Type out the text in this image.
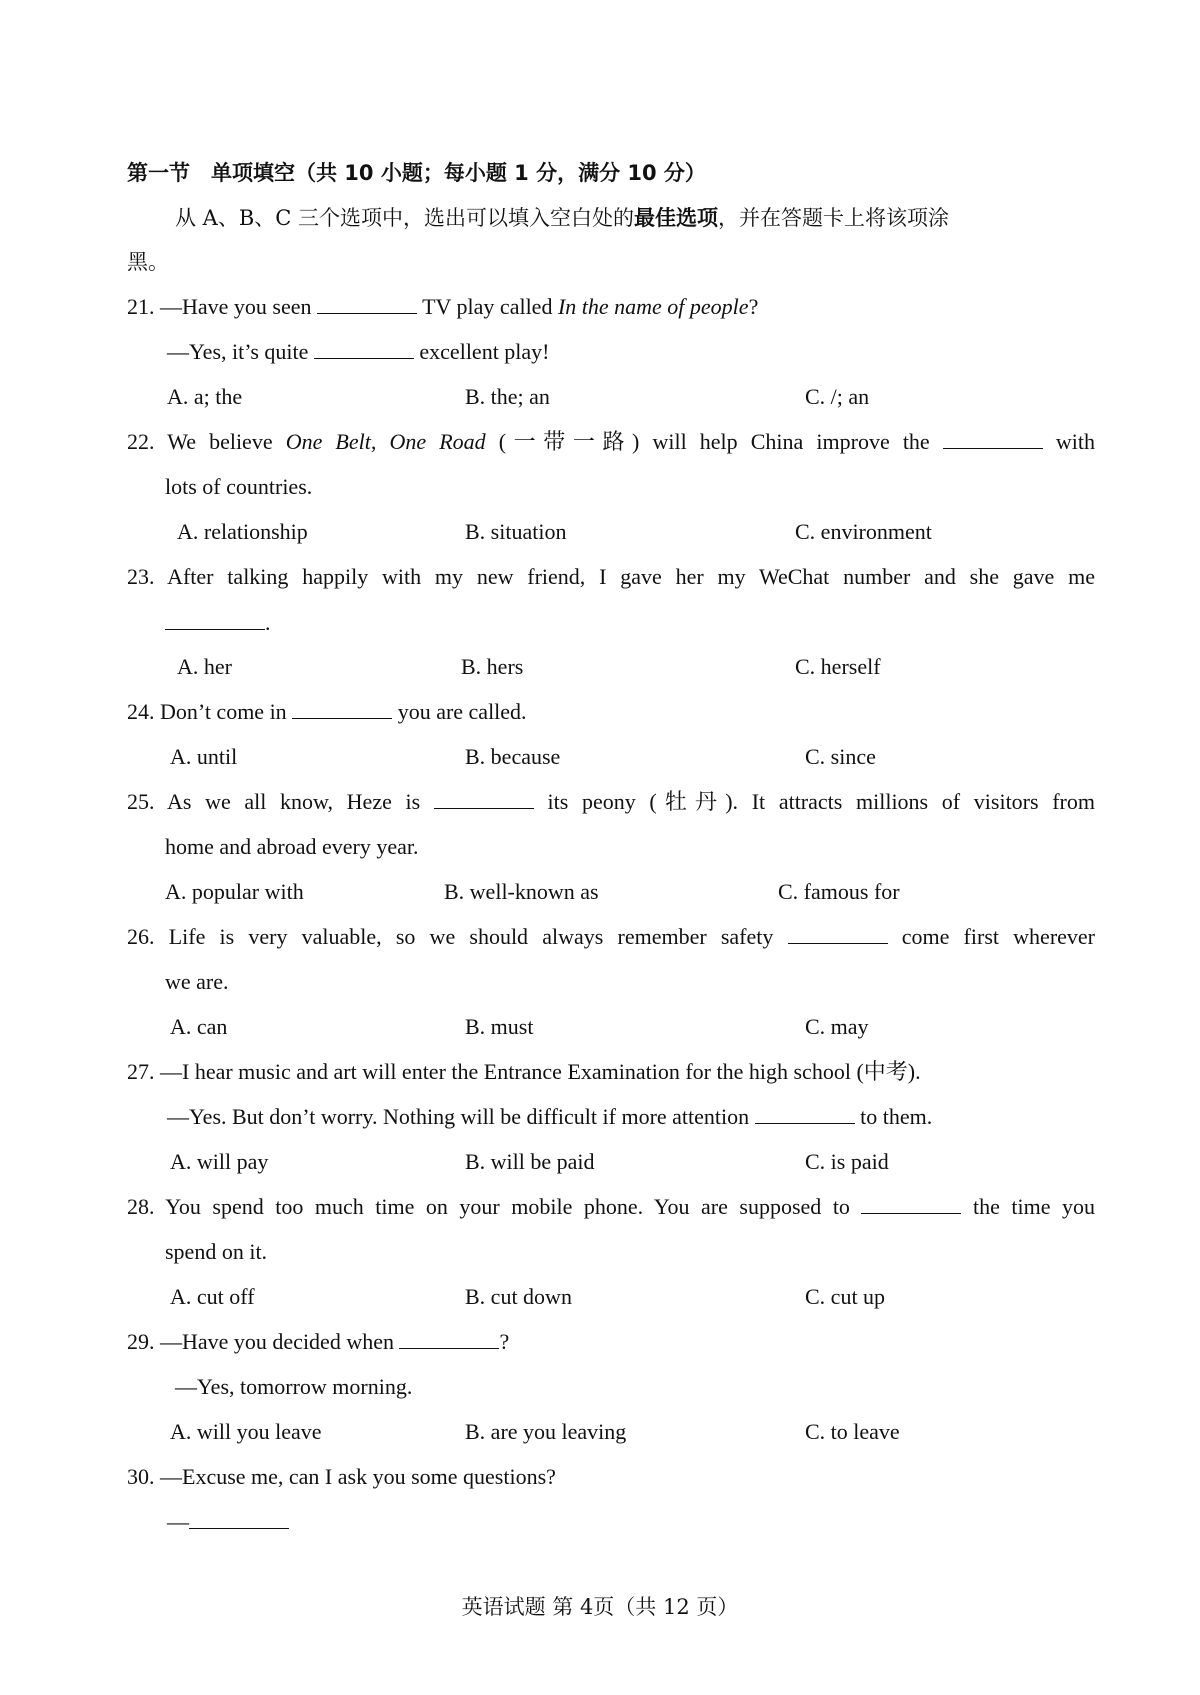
第一节　单项填空（共 10 小题；每小题 1 分，满分 10 分）
从 A、B、C 三个选项中，选出可以填入空白处的最佳选项，并在答题卡上将该项涂
黑。
21. —Have you seen	TV play called In the name of people?
—Yes, it’s quite	excellent play!
A. a; the	B. the; an	C. /; an
22. We believe One Belt, One Road (一带一路) will help China improve the	with
lots of countries.
A. relationship	B. situation	C. environment
23. After talking happily with my new friend, I gave her my WeChat number and she gave me
.
A. her	B. hers	C. herself
24. Don’t come in	you are called.
A. until	B. because	C. since
25. As we all know, Heze is	its peony (牡丹). It attracts millions of visitors from
home and abroad every year.
A. popular with	B. well-known as	C. famous for
26. Life is very valuable, so we should always remember safety	come first wherever
we are.
A. can	B. must	C. may
27. —I hear music and art will enter the Entrance Examination for the high school (中考).
—Yes. But don’t worry. Nothing will be difficult if more attention	to them.
A. will pay	B. will be paid	C. is paid
28. You spend too much time on your mobile phone. You are supposed to	the time you
spend on it.
A. cut off	B. cut down	C. cut up
29. —Have you decided when	?
—Yes, tomorrow morning.
A. will you leave	B. are you leaving	C. to leave
30. —Excuse me, can I ask you some questions?
—
英语试题 第 4页（共 12 页）
